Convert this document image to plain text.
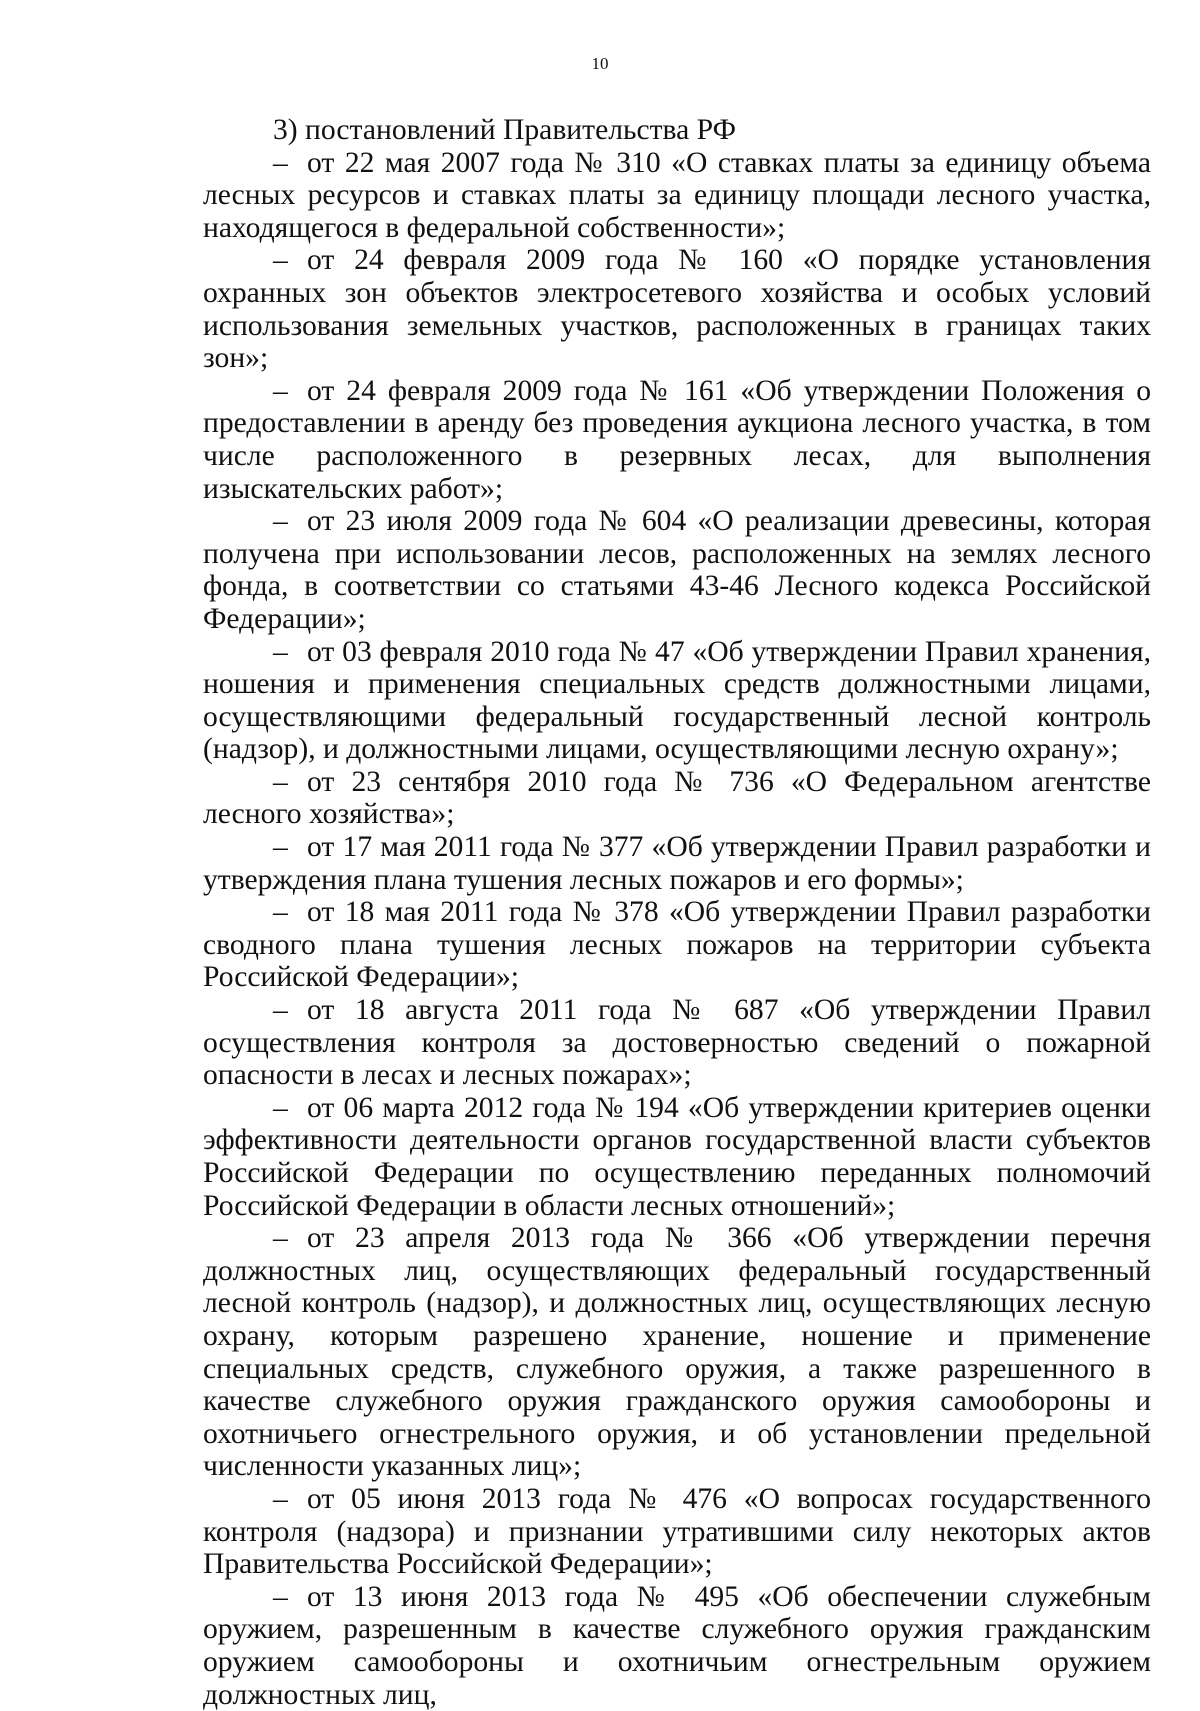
10

3) постановлений Правительства РФ

– от 22 мая 2007 года № 310 «О ставках платы за единицу объема лесных ресурсов и ставках платы за единицу площади лесного участка, находящегося в федеральной собственности»;
– от 24 февраля 2009 года № 160 «О порядке установления охранных зон объектов электросетевого хозяйства и особых условий использования земельных участков, расположенных в границах таких зон»;
– от 24 февраля 2009 года № 161 «Об утверждении Положения о предоставлении в аренду без проведения аукциона лесного участка, в том числе расположенного в резервных лесах, для выполнения изыскательских работ»;
– от 23 июля 2009 года № 604 «О реализации древесины, которая получена при использовании лесов, расположенных на землях лесного фонда, в соответствии со статьями 43-46 Лесного кодекса Российской Федерации»;
– от 03 февраля 2010 года № 47 «Об утверждении Правил хранения, ношения и применения специальных средств должностными лицами, осуществляющими федеральный государственный лесной контроль (надзор), и должностными лицами, осуществляющими лесную охрану»;
– от 23 сентября 2010 года № 736 «О Федеральном агентстве лесного хозяйства»;
– от 17 мая 2011 года № 377 «Об утверждении Правил разработки и утверждения плана тушения лесных пожаров и его формы»;
– от 18 мая 2011 года № 378 «Об утверждении Правил разработки сводного плана тушения лесных пожаров на территории субъекта Российской Федерации»;
– от 18 августа 2011 года № 687 «Об утверждении Правил осуществления контроля за достоверностью сведений о пожарной опасности в лесах и лесных пожарах»;
– от 06 марта 2012 года № 194 «Об утверждении критериев оценки эффективности деятельности органов государственной власти субъектов Российской Федерации по осуществлению переданных полномочий Российской Федерации в области лесных отношений»;
– от 23 апреля 2013 года № 366 «Об утверждении перечня должностных лиц, осуществляющих федеральный государственный лесной контроль (надзор), и должностных лиц, осуществляющих лесную охрану, которым разрешено хранение, ношение и применение специальных средств, служебного оружия, а также разрешенного в качестве служебного оружия гражданского оружия самообороны и охотничьего огнестрельного оружия, и об установлении предельной численности указанных лиц»;
– от 05 июня 2013 года № 476 «О вопросах государственного контроля (надзора) и признании утратившими силу некоторых актов Правительства Российской Федерации»;
– от 13 июня 2013 года № 495 «Об обеспечении служебным оружием, разрешенным в качестве служебного оружия гражданским оружием самообороны и охотничьим огнестрельным оружием должностных лиц,
